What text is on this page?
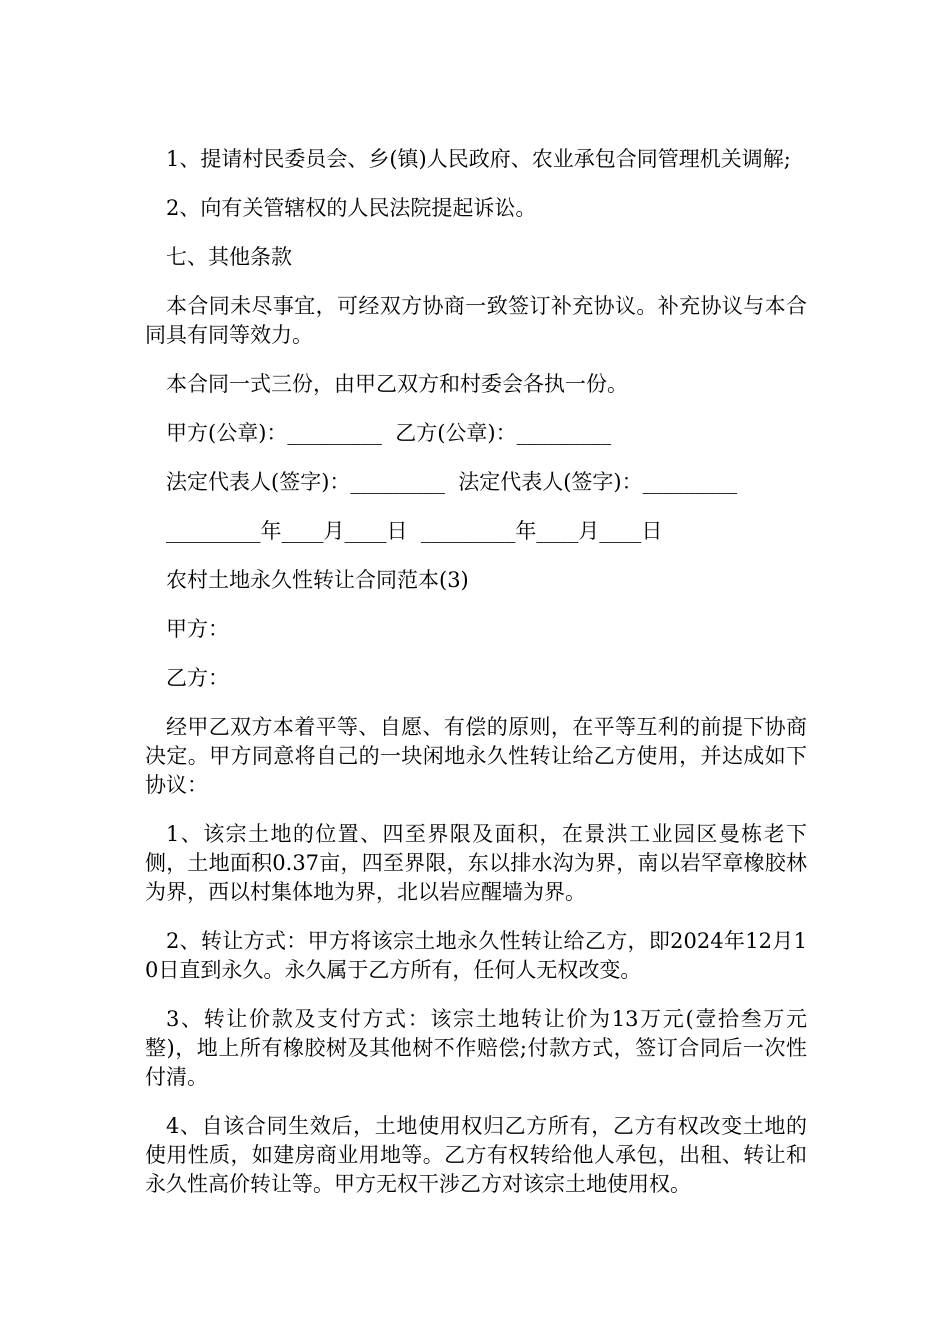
1、提请村民委员会、乡(镇)人民政府、农业承包合同管理机关调解;

2、向有关管辖权的人民法院提起诉讼。

七、其他条款

本合同未尽事宜，可经双方协商一致签订补充协议。补充协议与本合同具有同等效力。

本合同一式三份，由甲乙双方和村委会各执一份。

甲方(公章)：_________  乙方(公章)：_________

法定代表人(签字)：_________  法定代表人(签字)：_________

_________年____月____日  _________年____月____日

农村土地永久性转让合同范本(3)

甲方：

乙方：

经甲乙双方本着平等、自愿、有偿的原则，在平等互利的前提下协商决定。甲方同意将自己的一块闲地永久性转让给乙方使用，并达成如下协议：

1、该宗土地的位置、四至界限及面积，在景洪工业园区曼栋老下侧，土地面积0.37亩，四至界限，东以排水沟为界，南以岩罕章橡胶林为界，西以村集体地为界，北以岩应醒墙为界。

2、转让方式：甲方将该宗土地永久性转让给乙方，即2024年12月10日直到永久。永久属于乙方所有，任何人无权改变。

3、转让价款及支付方式：该宗土地转让价为13万元(壹拾叁万元整)，地上所有橡胶树及其他树不作赔偿;付款方式，签订合同后一次性付清。

4、自该合同生效后，土地使用权归乙方所有，乙方有权改变土地的使用性质，如建房商业用地等。乙方有权转给他人承包，出租、转让和永久性高价转让等。甲方无权干涉乙方对该宗土地使用权。
